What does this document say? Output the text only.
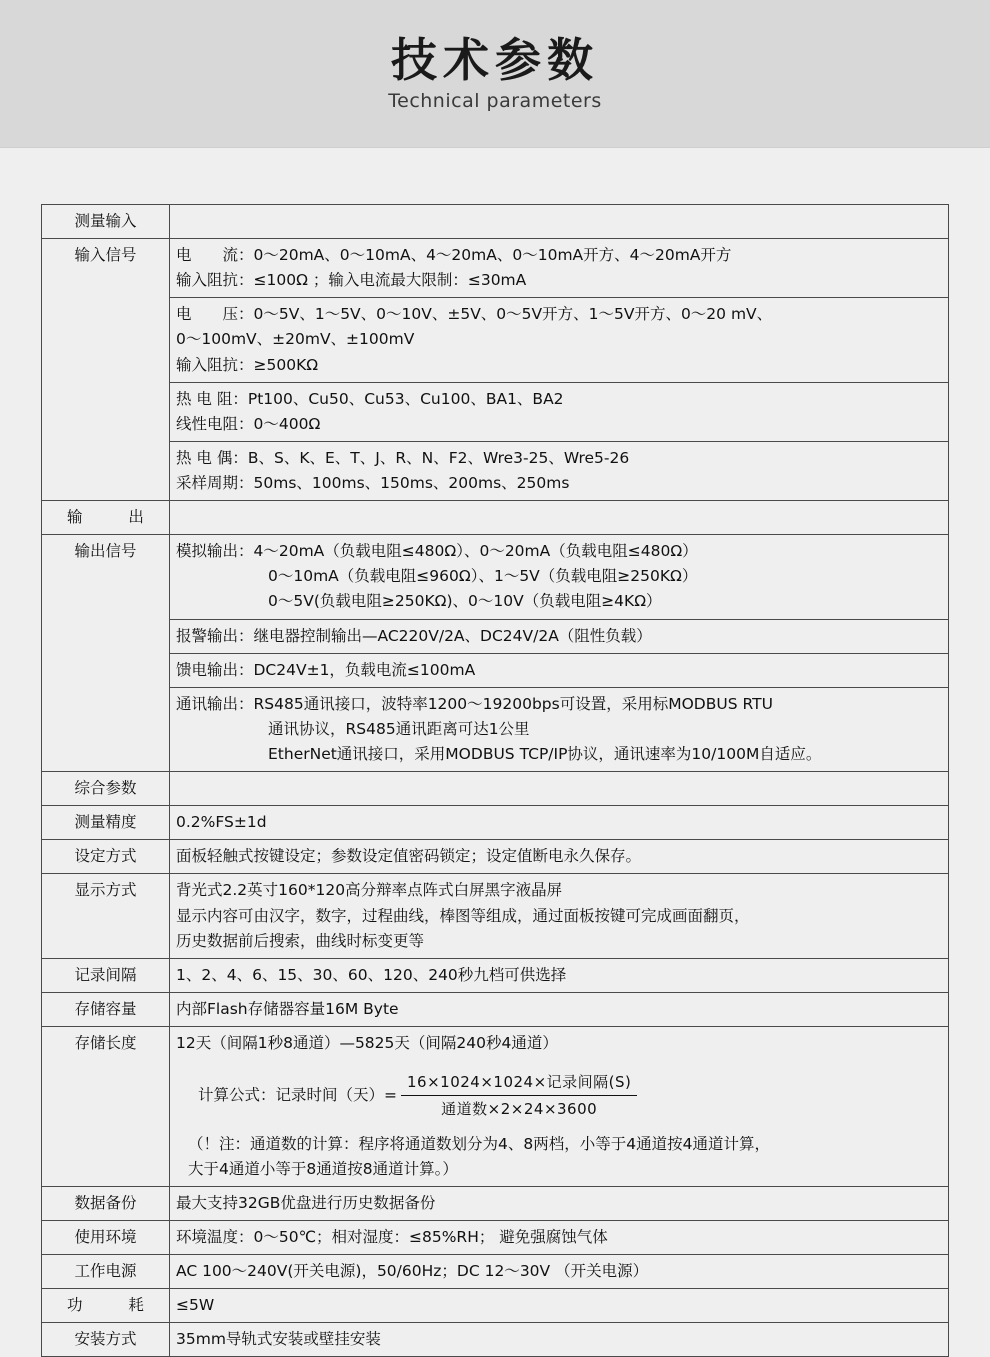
技术参数
Technical parameters
测量输入	
输入信号	电　　流：0～20mA、0～10mA、4～20mA、0～10mA开方、4～20mA开方
输入阻抗：≤100Ω ；输入电流最大限制：≤30mA

	电　　压：0～5V、1～5V、0～10V、±5V、0～5V开方、1～5V开方、0～20 mV、
0～100mV、±20mV、±100mV
输入阻抗：≥500KΩ

	热 电 阻：Pt100、Cu50、Cu53、Cu100、BA1、BA2
线性电阻：0～400Ω

	热 电 偶：B、S、K、E、T、J、R、N、F2、Wre3-25、Wre5-26
采样周期：50ms、100ms、150ms、200ms、250ms

输　　出	
输出信号	模拟输出：4～20mA（负载电阻≤480Ω）、0～20mA（负载电阻≤480Ω）
0～10mA（负载电阻≤960Ω）、1～5V（负载电阻≥250KΩ）
0～5V(负载电阻≥250KΩ)、0～10V（负载电阻≥4KΩ）

	报警输出：继电器控制输出—AC220V/2A、DC24V/2A（阻性负载）

	馈电输出：DC24V±1，负载电流≤100mA

	通讯输出：RS485通讯接口，波特率1200～19200bps可设置，采用标MODBUS RTU
通讯协议，RS485通讯距离可达1公里
EtherNet通讯接口，采用MODBUS TCP/IP协议，通讯速率为10/100M自适应。

综合参数	
测量精度	0.2%FS±1d

设定方式	面板轻触式按键设定；参数设定值密码锁定；设定值断电永久保存。

显示方式	背光式2.2英寸160*120高分辩率点阵式白屏黑字液晶屏
显示内容可由汉字，数字，过程曲线，棒图等组成，通过面板按键可完成画面翻页，
历史数据前后搜索，曲线时标变更等

记录间隔	1、2、4、6、15、30、60、120、240秒九档可供选择

存储容量	内部Flash存储器容量16M Byte

存储长度	12天（间隔1秒8通道）—5825天（间隔240秒4通道）
计算公式：记录时间（天）= $\frac{\text{16×1024×1024×记录间隔(S)}}{\text{通道数×2×24×3600}}$
（！注：通道数的计算：程序将通道数划分为4、8两档，小等于4通道按4通道计算，
大于4通道小等于8通道按8通道计算。）

数据备份	最大支持32GB优盘进行历史数据备份

使用环境	环境温度：0～50℃；相对湿度：≤85%RH； 避免强腐蚀气体

工作电源	AC 100～240V(开关电源)，50/60Hz；DC 12～30V （开关电源）

功　　耗	≤5W

安装方式	35mm导轨式安装或壁挂安装
